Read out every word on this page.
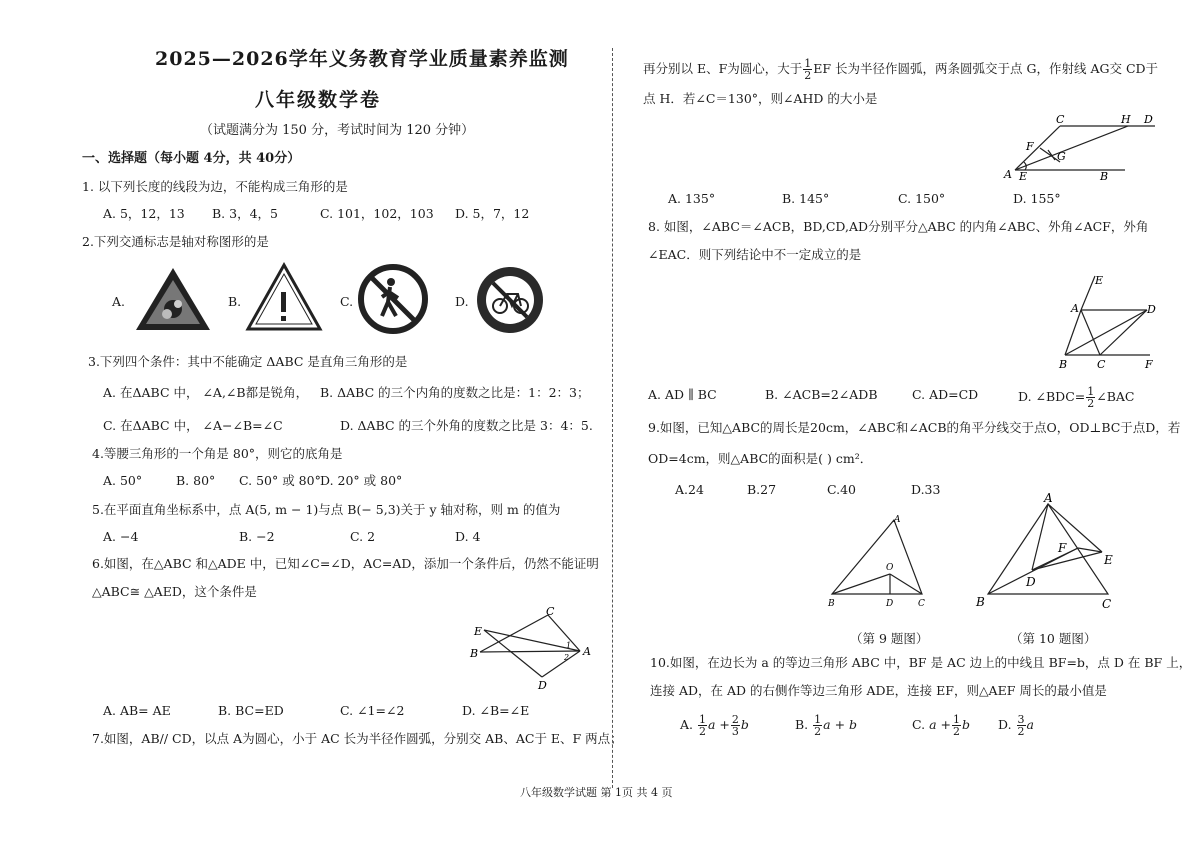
2025—2026学年义务教育学业质量素养监测
八年级数学卷
（试题满分为 150 分，考试时间为 120 分钟）
一、选择题（每小题 4分，共 40分）
1. 以下列长度的线段为边，不能构成三角形的是
A. 5，12，13 B. 3，4，5	C. 101，102，103 D. 5，7，12
2.下列交通标志是轴对称图形的是
A.	B.	C.	D.
3.下列四个条件：其中不能确定 ΔABC 是直角三角形的是
A. 在ΔABC 中， ∠A,∠B都是锐角， B. ΔABC 的三个内角的度数之比是：1：2：3；
C. 在ΔABC 中， ∠A−∠B=∠C	D. ΔABC 的三个外角的度数之比是 3：4：5.
4.等腰三角形的一个角是 80°，则它的底角是
A. 50°	B. 80° C. 50° 或 80° D. 20° 或 80°
5.在平面直角坐标系中，点 A(5, m − 1)与点 B(− 5,3)关于 y 轴对称，则 m 的值为
A. −4	B. −2	C. 2	D. 4
6.如图，在△ABC 和△ADE 中，已知∠C=∠D，AC=AD，添加一个条件后，仍然不能证明
△ABC≅ △AED，这个条件是
E
B
C
D
A
1
2
A. AB= AE	B. BC=ED	C. ∠1=∠2	D. ∠B=∠E
7.如图，AB// CD，以点 A为圆心，小于 AC 长为半径作圆弧，分别交 AB、AC于 E、F 两点；
再分别以 E、F为圆心，大于 $\frac{1}{2}$ EF 长为半径作圆弧，两条圆弧交于点 G，作射线 AG交 CD于
点 H．若∠C＝130°，则∠AHD 的大小是
C	H D
F
G
A E	B
A. 135°	B. 145°	C. 150°	D. 155°
8. 如图，∠ABC＝∠ACB，BD,CD,AD分别平分△ABC 的内角∠ABC、外角∠ACF，外角
∠EAC．则下列结论中不一定成立的是
E
A	D
B	C	F
A. AD ∥ BC	B. ∠ACB=2∠ADB	C. AD=CD	D. ∠BDC= $\frac{1}{2}$ ∠BAC
9.如图，已知△ABC的周长是20cm，∠ABC和∠ACB的角平分线交于点O，OD⊥BC于点D，若
OD=4cm，则△ABC的面积是( ) cm²．
A.24	B.27	C.40	D.33
A
O
B	D	C
（第 9 题图）
A
F
E
D
B	C
（第 10 题图）
10.如图，在边长为 a 的等边三角形 ABC 中，BF 是 AC 边上的中线且 BF=b，点 D 在 BF 上，
连接 AD，在 AD 的右侧作等边三角形 ADE，连接 EF，则△AEF 周长的最小值是
A. $\frac{1}{2}$ $a + \frac{2}{3}$ b	B. $\frac{1}{2}$ a + b	C. $a + \frac{1}{2}$ b D. $\frac{3}{2}$ a
八年级数学试题 第 1页 共 4 页
